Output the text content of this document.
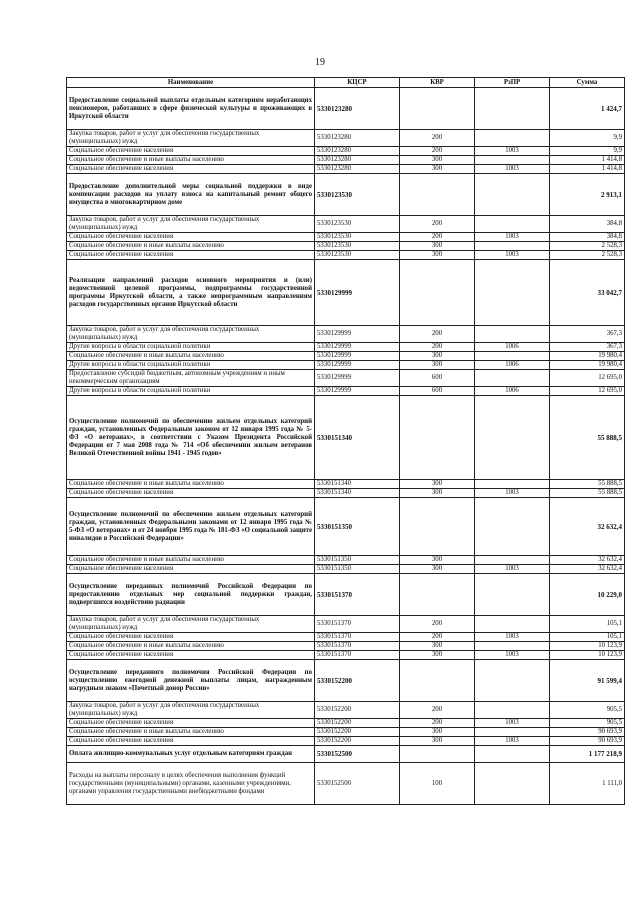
19
Наименование	КЦСР	КВР	РзПР	Сумма
Предоставление социальной выплаты отдельным категориям неработающих пенсионеров, работавших в сфере физической культуры и проживающих в Иркутской области	5330123280			1 424,7
Закупка товаров, работ и услуг для обеспечения государственных (муниципальных) нужд	5330123280	200		9,9
Социальное обеспечение населения	5330123280	200	1003	9,9
Социальное обеспечение и иные выплаты населению	5330123280	300		1 414,8
Социальное обеспечение населения	5330123280	300	1003	1 414,8
Предоставление дополнительной меры социальной поддержки в виде компенсации расходов на уплату взноса на капитальный ремонт общего имущества в многоквартирном доме	5330123530			2 913,1
Закупка товаров, работ и услуг для обеспечения государственных (муниципальных) нужд	5330123530	200		384,8
Социальное обеспечение населения	5330123530	200	1003	384,8
Социальное обеспечение и иные выплаты населению	5330123530	300		2 528,3
Социальное обеспечение населения	5330123530	300	1003	2 528,3
Реализация направлений расходов основного мероприятия и (или) ведомственной целевой программы, подпрограммы государственной программы Иркутской области, а также непрограммным направлениям расходов государственных органов Иркутской области	5330129999			33 042,7
Закупка товаров, работ и услуг для обеспечения государственных (муниципальных) нужд	5330129999	200		367,3
Другие вопросы в области социальной политики	5330129999	200	1006	367,3
Социальное обеспечение и иные выплаты населению	5330129999	300		19 980,4
Другие вопросы в области социальной политики	5330129999	300	1006	19 980,4
Предоставление субсидий бюджетным, автономным учреждениям и иным некоммерческим организациям	5330129999	600		12 695,0
Другие вопросы в области социальной политики	5330129999	600	1006	12 695,0
Осуществление полномочий по обеспечению жильем отдельных категорий граждан, установленных Федеральным законом от 12 января 1995 года № 5-ФЗ «О ветеранах», в соответствии с Указом Президента Российской Федерации от 7 мая 2008 года № 714 «Об обеспечении жильем ветеранов Великой Отечественной войны 1941 - 1945 годов»	5330151340			55 888,5
Социальное обеспечение и иные выплаты населению	5330151340	300		55 888,5
Социальное обеспечение населения	5330151340	300	1003	55 888,5
Осуществление полномочий по обеспечению жильем отдельных категорий граждан, установленных Федеральными законами от 12 января 1995 года № 5-ФЗ «О ветеранах» и от 24 ноября 1995 года № 181-ФЗ «О социальной защите инвалидов в Российской Федерации»	5330151350			32 632,4
Социальное обеспечение и иные выплаты населению	5330151350	300		32 632,4
Социальное обеспечение населения	5330151350	300	1003	32 632,4
Осуществление переданных полномочий Российской Федерации по предоставлению отдельных мер социальной поддержки граждан, подвергшихся воздействию радиации	5330151370			10 229,0
Закупка товаров, работ и услуг для обеспечения государственных (муниципальных) нужд	5330151370	200		105,1
Социальное обеспечение населения	5330151370	200	1003	105,1
Социальное обеспечение и иные выплаты населению	5330151370	300		10 123,9
Социальное обеспечение населения	5330151370	300	1003	10 123,9
Осуществление переданного полномочия Российской Федерации по осуществлению ежегодной денежной выплаты лицам, награжденным нагрудным знаком «Почетный донор России»	5330152200			91 599,4
Закупка товаров, работ и услуг для обеспечения государственных (муниципальных) нужд	5330152200	200		905,5
Социальное обеспечение населения	5330152200	200	1003	905,5
Социальное обеспечение и иные выплаты населению	5330152200	300		90 693,9
Социальное обеспечение населения	5330152200	300	1003	90 693,9
Оплата жилищно-коммунальных услуг отдельным категориям граждан	5330152500			1 177 218,9
Расходы на выплаты персоналу в целях обеспечения выполнения функций государственными (муниципальными) органами, казенными учреждениями, органами управления государственными внебюджетными фондами	5330152500	100		1 111,0
